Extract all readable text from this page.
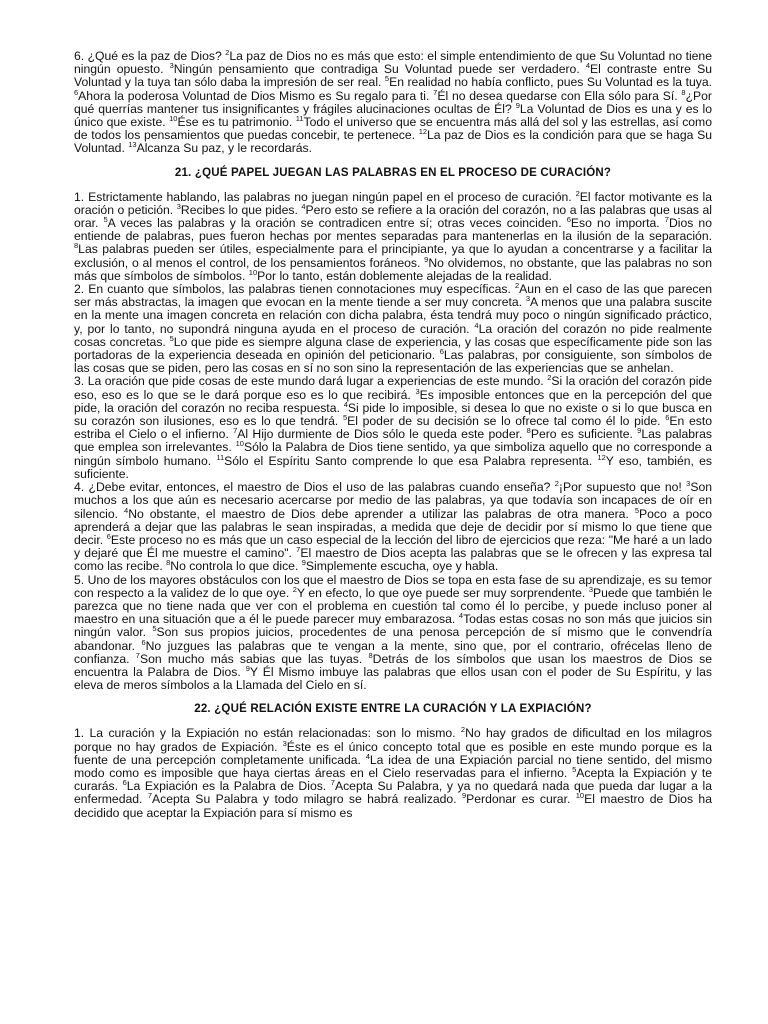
6. ¿Qué es la paz de Dios? $^2$La paz de Dios no es más que esto: el simple entendimiento de que Su Voluntad no tiene ningún opuesto. $^3$Ningún pensamiento que contradiga Su Voluntad puede ser verdadero. $^4$El contraste entre Su Voluntad y la tuya tan sólo daba la impresión de ser real. $^5$En realidad no había conflicto, pues Su Voluntad es la tuya. $^6$Ahora la poderosa Voluntad de Dios Mismo es Su regalo para ti. $^7$Él no desea quedarse con Ella sólo para Sí. $^8$¿Por qué querrías mantener tus insignificantes y frágiles alucinaciones ocultas de Él? $^9$La Voluntad de Dios es una y es lo único que existe. $^{10}$Ése es tu patrimonio. $^{11}$Todo el universo que se encuentra más allá del sol y las estrellas, así como de todos los pensamientos que puedas concebir, te pertenece. $^{12}$La paz de Dios es la condición para que se haga Su Voluntad. $^{13}$Alcanza Su paz, y le recordarás.

21. ¿QUÉ PAPEL JUEGAN LAS PALABRAS EN EL PROCESO DE CURACIÓN?

1. Estrictamente hablando, las palabras no juegan ningún papel en el proceso de curación. $^2$El factor motivante es la oración o petición. $^3$Recibes lo que pides. $^4$Pero esto se refiere a la oración del corazón, no a las palabras que usas al orar. $^5$A veces las palabras y la oración se contradicen entre sí; otras veces coinciden. $^6$Eso no importa. $^7$Dios no entiende de palabras, pues fueron hechas por mentes separadas para mantenerlas en la ilusión de la separación. $^8$Las palabras pueden ser útiles, especialmente para el principiante, ya que lo ayudan a concentrarse y a facilitar la exclusión, o al menos el control, de los pensamientos foráneos. $^9$No olvidemos, no obstante, que las palabras no son más que símbolos de símbolos. $^{10}$Por lo tanto, están doblemente alejadas de la realidad.

2. En cuanto que símbolos, las palabras tienen connotaciones muy específicas. $^2$Aun en el caso de las que parecen ser más abstractas, la imagen que evocan en la mente tiende a ser muy concreta. $^3$A menos que una palabra suscite en la mente una imagen concreta en relación con dicha palabra, ésta tendrá muy poco o ningún significado práctico, y, por lo tanto, no supondrá ninguna ayuda en el proceso de curación. $^4$La oración del corazón no pide realmente cosas concretas. $^5$Lo que pide es siempre alguna clase de experiencia, y las cosas que específicamente pide son las portadoras de la experiencia deseada en opinión del peticionario. $^6$Las palabras, por consiguiente, son símbolos de las cosas que se piden, pero las cosas en sí no son sino la representación de las experiencias que se anhelan.

3. La oración que pide cosas de este mundo dará lugar a experiencias de este mundo. $^2$Si la oración del corazón pide eso, eso es lo que se le dará porque eso es lo que recibirá. $^3$Es imposible entonces que en la percepción del que pide, la oración del corazón no reciba respuesta. $^4$Si pide lo imposible, si desea lo que no existe o si lo que busca en su corazón son ilusiones, eso es lo que tendrá. $^5$El poder de su decisión se lo ofrece tal como él lo pide. $^6$En esto estriba el Cielo o el infierno. $^7$Al Hijo durmiente de Dios sólo le queda este poder. $^8$Pero es suficiente. $^9$Las palabras que emplea son irrelevantes. $^{10}$Sólo la Palabra de Dios tiene sentido, ya que simboliza aquello que no corresponde a ningún símbolo humano. $^{11}$Sólo el Espíritu Santo comprende lo que esa Palabra representa. $^{12}$Y eso, también, es suficiente.

4. ¿Debe evitar, entonces, el maestro de Dios el uso de las palabras cuando enseña? $^2$¡Por supuesto que no! $^3$Son muchos a los que aún es necesario acercarse por medio de las palabras, ya que todavía son incapaces de oír en silencio. $^4$No obstante, el maestro de Dios debe aprender a utilizar las palabras de otra manera. $^5$Poco a poco aprenderá a dejar que las palabras le sean inspiradas, a medida que deje de decidir por sí mismo lo que tiene que decir. $^6$Este proceso no es más que un caso especial de la lección del libro de ejercicios que reza: "Me haré a un lado y dejaré que Él me muestre el camino". $^7$El maestro de Dios acepta las palabras que se le ofrecen y las expresa tal como las recibe. $^8$No controla lo que dice. $^9$Simplemente escucha, oye y habla.

5. Uno de los mayores obstáculos con los que el maestro de Dios se topa en esta fase de su aprendizaje, es su temor con respecto a la validez de lo que oye. $^2$Y en efecto, lo que oye puede ser muy sorprendente. $^3$Puede que también le parezca que no tiene nada que ver con el problema en cuestión tal como él lo percibe, y puede incluso poner al maestro en una situación que a él le puede parecer muy embarazosa. $^4$Todas estas cosas no son más que juicios sin ningún valor. $^5$Son sus propios juicios, procedentes de una penosa percepción de sí mismo que le convendría abandonar. $^6$No juzgues las palabras que te vengan a la mente, sino que, por el contrario, ofrécelas lleno de confianza. $^7$Son mucho más sabias que las tuyas. $^8$Detrás de los símbolos que usan los maestros de Dios se encuentra la Palabra de Dios. $^9$Y Él Mismo imbuye las palabras que ellos usan con el poder de Su Espíritu, y las eleva de meros símbolos a la Llamada del Cielo en sí.

22. ¿QUÉ RELACIÓN EXISTE ENTRE LA CURACIÓN Y LA EXPIACIÓN?

1. La curación y la Expiación no están relacionadas: son lo mismo. $^2$No hay grados de dificultad en los milagros porque no hay grados de Expiación. $^3$Éste es el único concepto total que es posible en este mundo porque es la fuente de una percepción completamente unificada. $^4$La idea de una Expiación parcial no tiene sentido, del mismo modo como es imposible que haya ciertas áreas en el Cielo reservadas para el infierno. $^5$Acepta la Expiación y te curarás. $^6$La Expiación es la Palabra de Dios. $^7$Acepta Su Palabra, y ya no quedará nada que pueda dar lugar a la enfermedad. $^7$Acepta Su Palabra y todo milagro se habrá realizado. $^9$Perdonar es curar. $^{10}$El maestro de Dios ha decidido que aceptar la Expiación para sí mismo es
